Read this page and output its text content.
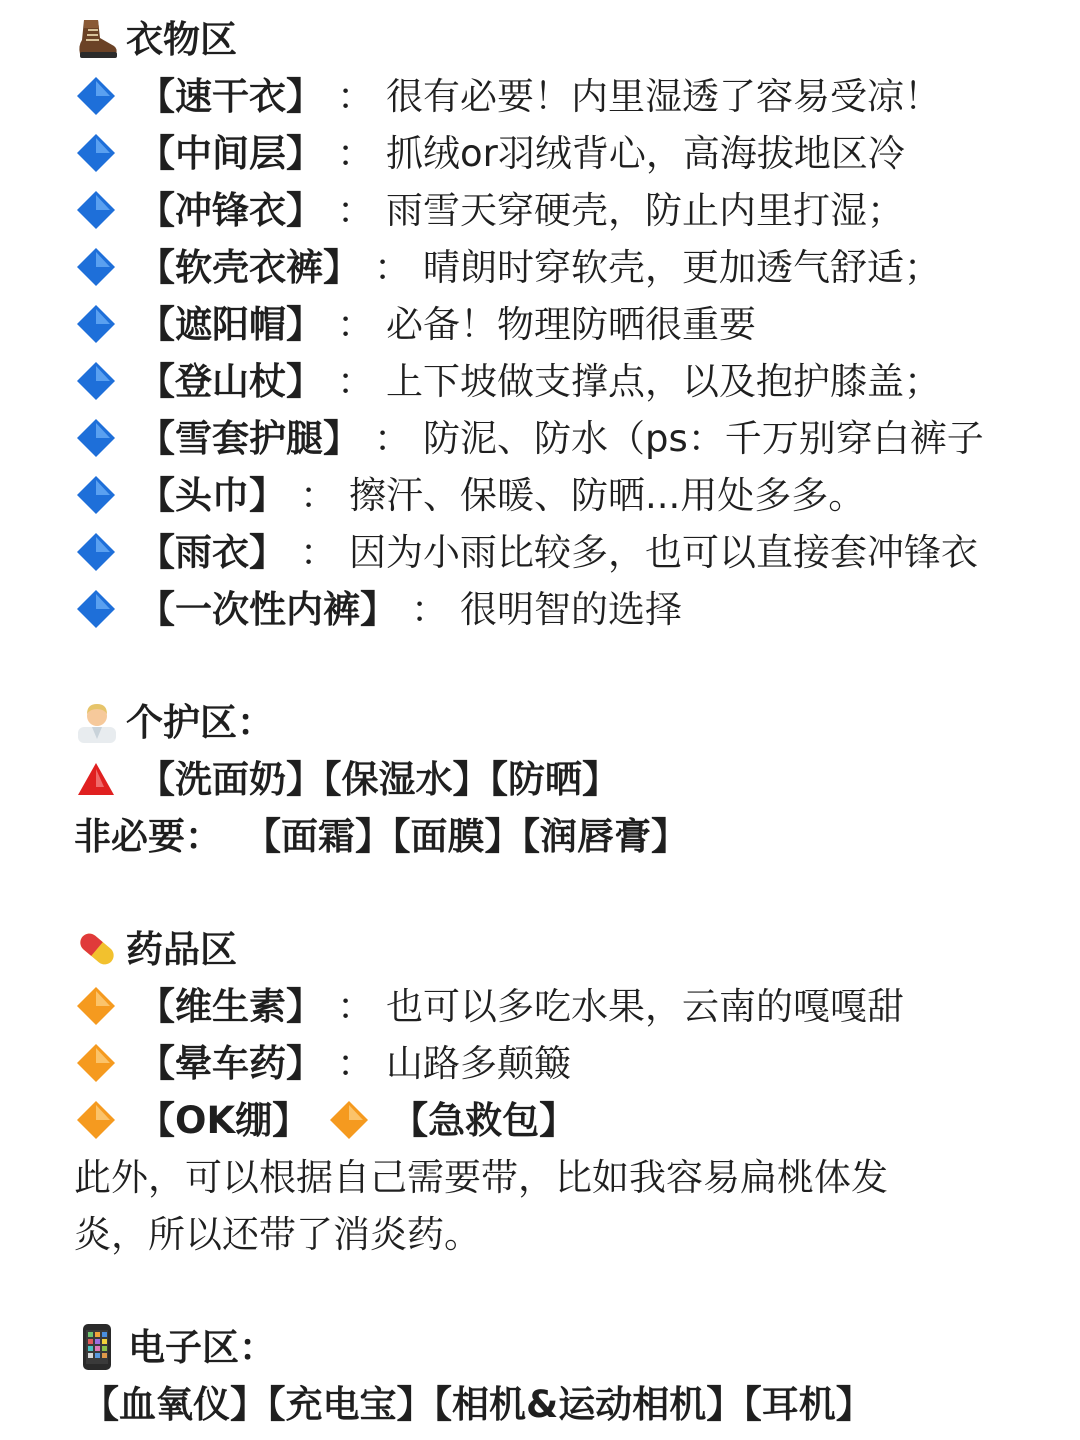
衣物区
【速干衣】 ： 很有必要！内里湿透了容易受凉！
【中间层】 ： 抓绒or羽绒背心，高海拔地区冷
【冲锋衣】 ： 雨雪天穿硬壳，防止内里打湿；
【软壳衣裤】 ： 晴朗时穿软壳，更加透气舒适；
【遮阳帽】 ： 必备！物理防晒很重要
【登山杖】 ： 上下坡做支撑点，以及抱护膝盖；
【雪套护腿】 ： 防泥、防水（ps：千万别穿白裤子
【头巾】 ： 擦汗、保暖、防晒...用处多多。
【雨衣】 ： 因为小雨比较多，也可以直接套冲锋衣
【一次性内裤】 ： 很明智的选择
个护区：
【洗面奶】【保湿水】【防晒】
非必要： 【面霜】【面膜】【润唇膏】
药品区
【维生素】 ： 也可以多吃水果，云南的嘎嘎甜
【晕车药】 ： 山路多颠簸
【OK绷】 【急救包】
此外，可以根据自己需要带，比如我容易扁桃体发
炎，所以还带了消炎药。
电子区：
【血氧仪】【充电宝】【相机&运动相机】【耳机】
